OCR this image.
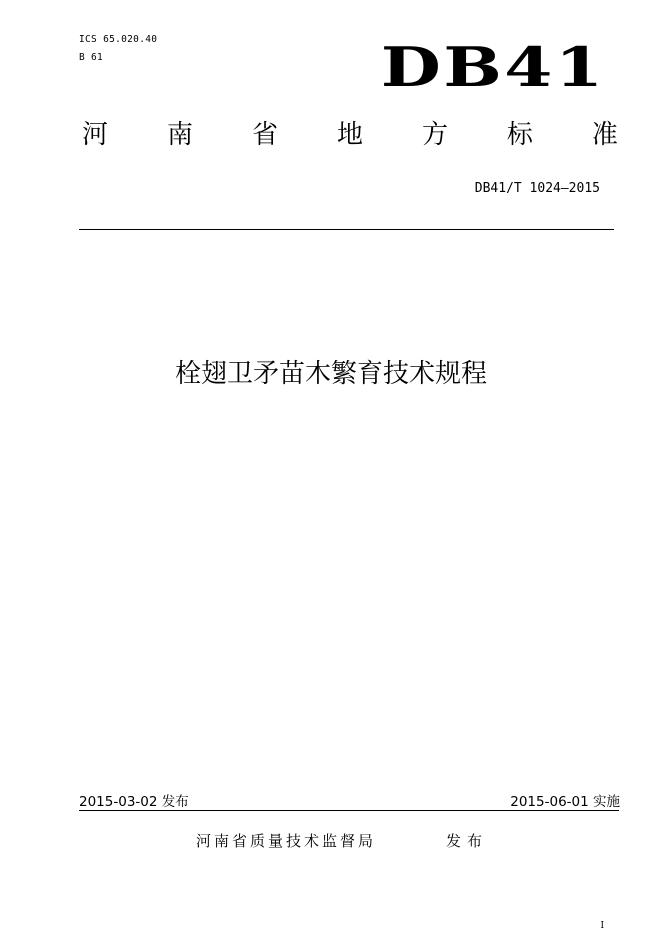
ICS 65.020.40
B 61	DB41
河 南 省 地 方 标 准
DB41/T 1024—2015
栓翅卫矛苗木繁育技术规程
2015-03-02 发布	2015-06-01 实施
河南省质量技术监督局	发布
I
